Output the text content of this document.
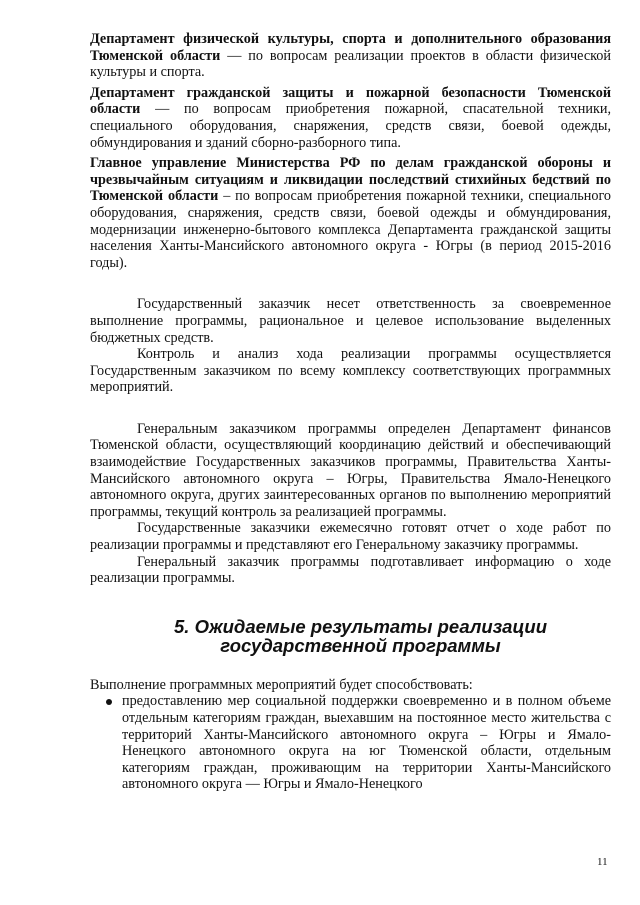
Департамент физической культуры, спорта и дополнительного образования Тюменской области — по вопросам реализации проектов в области физической культуры и спорта.

Департамент гражданской защиты и пожарной безопасности Тюменской области — по вопросам приобретения пожарной, спасательной техники, специального оборудования, снаряжения, средств связи, боевой одежды, обмундирования и зданий сборно-разборного типа.

Главное управление Министерства РФ по делам гражданской обороны и чрезвычайным ситуациям и ликвидации последствий стихийных бедствий по Тюменской области – по вопросам приобретения пожарной техники, специального оборудования, снаряжения, средств связи, боевой одежды и обмундирования, модернизации инженерно-бытового комплекса Департамента гражданской защиты населения Ханты-Мансийского автономного округа - Югры (в период 2015-2016 годы).

Государственный заказчик несет ответственность за своевременное выполнение программы, рациональное и целевое использование выделенных бюджетных средств.

Контроль и анализ хода реализации программы осуществляется Государственным заказчиком по всему комплексу соответствующих программных мероприятий.

Генеральным заказчиком программы определен Департамент финансов Тюменской области, осуществляющий координацию действий и обеспечивающий взаимодействие Государственных заказчиков программы, Правительства Ханты-Мансийского автономного округа – Югры, Правительства Ямало-Ненецкого автономного округа, других заинтересованных органов по выполнению мероприятий программы, текущий контроль за реализацией программы.

Государственные заказчики ежемесячно готовят отчет о ходе работ по реализации программы и представляют его Генеральному заказчику программы.

Генеральный заказчик программы подготавливает информацию о ходе реализации программы.

5. Ожидаемые результаты реализации государственной программы

Выполнение программных мероприятий будет способствовать:

предоставлению мер социальной поддержки своевременно и в полном объеме отдельным категориям граждан, выехавшим на постоянное место жительства с территорий Ханты-Мансийского автономного округа – Югры и Ямало-Ненецкого автономного округа на юг Тюменской области, отдельным категориям граждан, проживающим на территории Ханты-Мансийского автономного округа — Югры и Ямало-Ненецкого
11
